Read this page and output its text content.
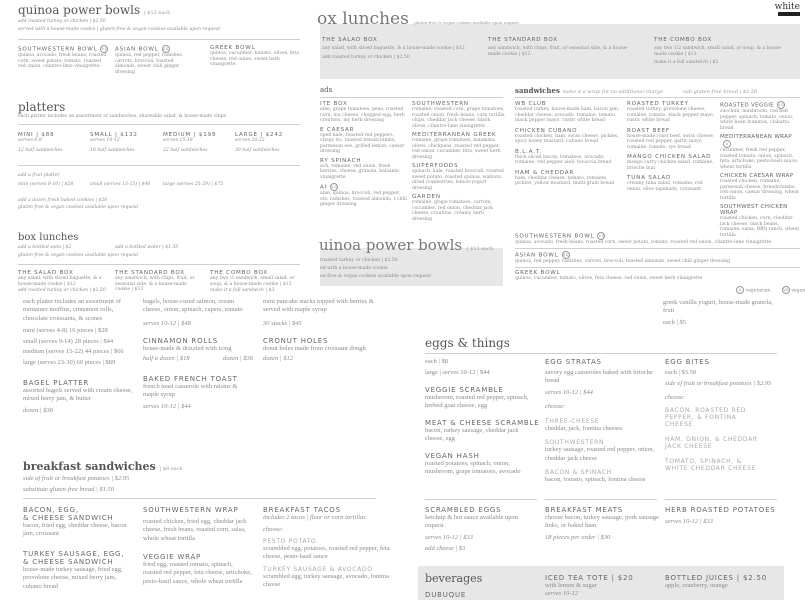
quinoa power bowls | $12 each
add roasted turkey or chicken | $2.50
served with a house-made cookie | gluten-free & vegan cookies available upon request
SOUTHWESTERN BOWL VG
quinoa, avocado, fresh beans, roasted corn, sweet potato, tomato, roasted red onion, cilantro-lime vinaigrette
ASIAN BOWL VG
quinoa, red pepper, radishes, carrots, broccoli, toasted almonds, sweet chili ginger dressing
GREEK BOWL
quinoa, cucumber, tomato, olives, feta cheese, red onion, sweet herb vinaigrette
platters
each platter includes an assortment of sandwiches, shareable salad, & house-made chips
MINI | $88
serves 6-8
12 half sandwiches
SMALL | $132
serves 10-12
18 half sandwiches
MEDIUM | $198
serves 15-18
22 half sandwiches
LARGE | $242
serves 20-22
30 half sandwiches
add a fruit platter
mini (serves 8-10) | $28	small (serves 13-15) | $40	large (serves 25-29) | $75
add a dozen fresh baked cookies | $26
gluten-free & vegan cookies available upon request
box lunches
add a bottled soda | $2	add a bottled water | $1.50
gluten-free & vegan cookies available upon request
THE SALAD BOX
any salad, with sliced baguette, & a house-made cookie | $12
add roasted turkey or chicken | $2.50
THE STANDARD BOX
any sandwich, with chips, fruit, or seasonal side, & a house-made cookie | $13
THE COMBO BOX
any two ½ sandwich, small salad, or soup, & a house-made cookie | $13
make it a full sandwich | $3
each platter includes an assortment of miniature muffins, cinnamon rolls, chocolate croissants, & scones
mini (serves 4-8) 16 pieces | $28
small (serves 9-14) 28 pieces | $44
medium (serves 15-22) 44 pieces | $66
large (serves 23-30) 60 pieces | $89
BAGEL PLATTER
assorted bagels served with cream cheese, mixed berry jam, & butter
dozen | $36
bagels, house-cured salmon, cream cheese, onion, spinach, capers, tomato
serves 10-12 | $48
CINNAMON ROLLS
house-made & drizzled with icing
half a dozen | $18	dozen | $36
BAKED FRENCH TOAST
french toast casserole with raisins & maple syrup
serves 10-12 | $44
mini pancake stacks topped with berries & served with maple syrup
30 stacks | $45
CRONUT HOLES
donut holes made from croissant dough
dozen | $12
breakfast sandwiches | $8 each
side of fruit or breakfast potatoes | $2.95
substitute gluten-free bread | $1.50
BACON, EGG,
& CHEESE SANDWICH
bacon, fried egg, cheddar cheese, bacon jam, croissant
TURKEY SAUSAGE, EGG,
& CHEESE SANDWICH
house-made turkey sausage, fried egg, provolone cheese, mixed berry jam, cubano bread
SOUTHWESTERN WRAP
roasted chicken, fried egg, cheddar jack cheese, fresh beans, roasted corn, salsa, whole wheat tortilla
VEGGIE WRAP
fried egg, roasted tomato, spinach, roasted red pepper, feta cheese, artichoke, pesto-basil sauce, whole wheat tortilla
BREAKFAST TACOS
includes 2 tacos | flour or corn tortillas
choose:
PESTO POTATO
scrambled egg, potatoes, roasted red pepper, feta cheese, pesto-basil sauce
TURKEY SAUSAGE & AVOCADO
scrambled egg, turkey sausage, avocado, fontina cheese
white
ox lunches gluten-free & vegan cookies available upon request
THE SALAD BOX
any salad, with sliced baguette, & a house-made cookie | $12
add roasted turkey or chicken | $2.50
THE STANDARD BOX
any sandwich, with chips, fruit, or seasonal side, & a house-made cookie | $13
THE COMBO BOX
any two 1/2 sandwich, small salad, or soup, & a house-made cookie | $13
make it a full sandwich | $2
ads
ITE BOX
aine, grape tomatoes, peas, roasted corn, ina cheese, chopped egg, herb croutons, my herb dressing
E CAESAR
oped kale, roasted red peppers, crispy ito, toasted breadcrumbs, parmesan ese, grilled lemon, caesar dressing
RY SPINACH
ach, romaine, red onion, fresh berries, cheese, granola, balsamic vinaigrette
AI VG
aine, quinoa, broccoli, red pepper, ots, radishes, toasted almonds, t chili ginger dressing
SOUTHWESTERN
romaine, roasted corn, grape tomatoes, roasted onion, fresh beans, corn tortilla chips, cheddar jack cheese, black olives, cilantro-lime vinaigrette
MEDITERRANEAN GREEK
romaine, grape tomatoes, kalamata olives, chickpeas, roasted red pepper, red onion, cucumber, feta, sweet herb dressing
SUPERFOODS
spinach, kale, roasted broccoli, roasted sweet potato, roasted quinoa, walnuts, dried cranberries, lemon-yogurt dressing
GARDEN
romaine, grape tomatoes, carrots, cucumber, red onion, cheddar jack cheese, croutons, creamy herb dressing
uinoa power bowls | $12 each
roasted turkey or chicken | $2.50
ed with a house-made cookie
en-free & vegan cookies available upon request
sandwiches make it a wrap for no additional charge	sub gluten-free bread | $2.50
WB CLUB
roasted turkey, house-made ham, bacon jam, cheddar cheese, avocado, romaine, tomato, black pepper mayo, rustic white bread
CHICKEN CUBANO
roasted chicken, ham, swiss cheese, pickles, spicy honey mustard, cubano bread
B.L.A.T.
thick sliced bacon, tomatoes, avocado, romaine, red pepper aioli, focaccia bread
HAM & CHEDDAR
ham, cheddar cheese, tomato, romaine, pickles, yellow mustard, multi-grain bread
ROASTED TURKEY
roasted turkey, provolone cheese, romaine, tomato, black pepper mayo, rustic white bread
ROAST BEEF
house-made roast beef, swiss cheese, roasted red pepper, garlic mayo, romaine, tomato, rye bread
MANGO CHICKEN SALAD
mango curry chicken salad, romaine, brioche bun
TUNA SALAD
creamy tuna salad, romaine, red onion, olive tapenade, croissant
ROASTED VEGGIE VG
zucchini, mushroom, red bell pepper, spinach, tomato, onion, white bean hummus, ciabatta bread
MEDITERRANEAN WRAPV
cucumber, fresh red pepper, roasted tomato, onion, spinach, feta, artichoke, pesto-basil sauce, wheat tortilla
CHICKEN CAESAR WRAP
roasted chicken, romaine, parmesan cheese, breadcrumbs, red onion, caesar dressing, wheat tortilla
SOUTHWEST CHICKEN WRAP
roasted chicken, corn, cheddar jack cheese, black beans, romaine, salsa, BBQ ranch, wheat tortilla
SOUTHWESTERN BOWL VG
quinoa, avocado, fresh beans, roasted corn, sweet potato, tomato, roasted red onion, cilantro-lime vinaigrette
ASIAN BOWL VG
quinoa, red pepper, radishes, carrots, broccoli, toasted almonds, sweet chili ginger dressing
GREEK BOWL
quinoa, cucumber, tomato, olives, feta cheese, red onion, sweet herb vinaigrette
V vegetarian	VG vegan
greek vanilla yogurt, house-made granola, fruit
each | $5
eggs & things
each | $8
large | serves 10-12 | $44
VEGGIE SCRAMBLE
mushroom, roasted red pepper, spinach, herbed goat cheese, egg
MEAT & CHEESE SCRAMBLE
bacon, turkey sausage, cheddar jack cheese, egg
VEGAN HASH
roasted potatoes, spinach, onion, mushroom, grape tomatoes, avocado
EGG STRATAS
savory egg casseroles baked with brioche bread
serves 10-12 | $44
choose:
THREE-CHEESE
cheddar, jack, fontina cheeses
SOUTHWESTERN
turkey sausage, roasted red pepper, onion, cheddar jack cheese
BACON & SPINACH
bacon, tomato, spinach, fontina cheese
EGG BITES
each | $3.50
side of fruit or breakfast potatoes | $2.95
choose:
BACON, ROASTED RED PEPPER, & FONTINA CHEESE
HAM, ONION, & CHEDDAR JACK CHEESE
TOMATO, SPINACH, & WHITE CHEDDAR CHEESE
SCRAMBLED EGGS
ketchup & hot sauce available upon request
serves 10-12 | $33
add cheese | $3
BREAKFAST MEATS
choose bacon, turkey sausage, pork sausage links, or baked ham
18 pieces per order | $30
HERB ROASTED POTATOES
serves 10-12 | $33
beverages
DUBUQUE
ICED TEA TOTE | $20
with lemon & sugar
serves 10-12
BOTTLED JUICES | $2.50
apple, cranberry, orange
